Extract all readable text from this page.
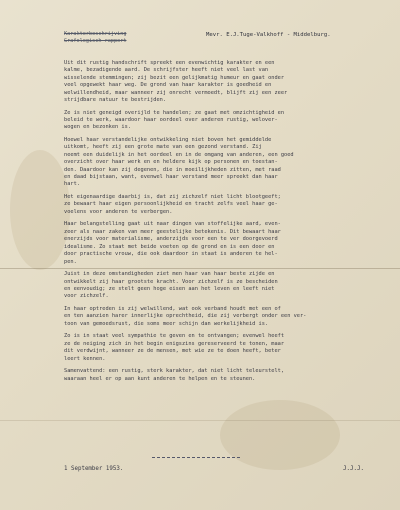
Karakterbeschrijving
Grafologisch rapport
Mevr. E.J.Tuge-Valkhoff - Middelburg.
Uit dit rustig handschrift spreekt een evenwichtig karakter en een
kalme, bezadigende aard. De schrijfster heeft niet veel last van
wisselende stemmingen; zij bezit een gelijkmatig humeur en gaat onder
veel opgewekt haar weg. De grond van haar karakter is goedheid en
welwillendheid, maar wanneer zij onrecht vermoedt, blijft zij een zeer
strijdbare natuur te bestrijden.
Ze is niet geneigd overijld te handelen; ze gaat met omzichtigheid en
beleid te werk, waardoor haar oordeel over anderen rustig, welover-
wogen en bezonken is.
Hoewel haar verstandelijke ontwikkeling niet boven het gemiddelde
uitkomt, heeft zij een grote mate van een gezond verstand. Zij
neemt een duidelijk in het oordeel en in de omgang van anderen, een goed
overzicht over haar werk en en heldere kijk op personen en toestan-
den. Daardoor kan zij degenen, die in moeilijkheden zitten, met raad
en daad bijstaan, want, evenwel haar verstand meer spreekt dan haar
hart.
Het eigenaardige daarbij is, dat zij zichzelf niet licht blootgeeft;
ze bewaart haar eigen persoonlijkheid en tracht zelfs veel haar ge-
voelens voor anderen te verbergen.
Haar belangstelling gaat uit naar dingen van stoffelijke aard, even-
zeer als naar zaken van meer geestelijke betekenis. Dit bewaart haar
enerzijds voor materialisme, anderzijds voor een te ver doorgevoerd
idealisme. Zo staat met beide voeten op de grond en is een door en
door practische vrouw, die ook daardoor in staat is anderen te hel-
pen.
Juist in deze omstandigheden ziet men haar van haar beste zijde en
ontwikkelt zij haar grootste kracht. Voor zichzelf is ze bescheiden
en eenvoudig; ze stelt geen hoge eisen aan het leven en leeft niet
voor zichzelf.
In haar optreden is zij welwillend, wat ook verband houdt met een of
en ten aanzien harer innerlijke oprechtheid, die zij verbergt onder een ver-
toon van gemoedsrust, die soms meer schijn dan werkelijkheid is.
Zo is in staat veel sympathie te geven en te ontvangen; evenwel heeft
ze de neiging zich in het begin enigszins gereserveerd te tonen, maar
dit verdwijnt, wanneer ze de mensen, met wie ze te doen heeft, beter
leert kennen.
Samenvattend: een rustig, sterk karakter, dat niet licht teleurstelt,
waaraan heel er op aan kunt anderen te helpen en te steunen.
1 September 1953.	J.J.J.
